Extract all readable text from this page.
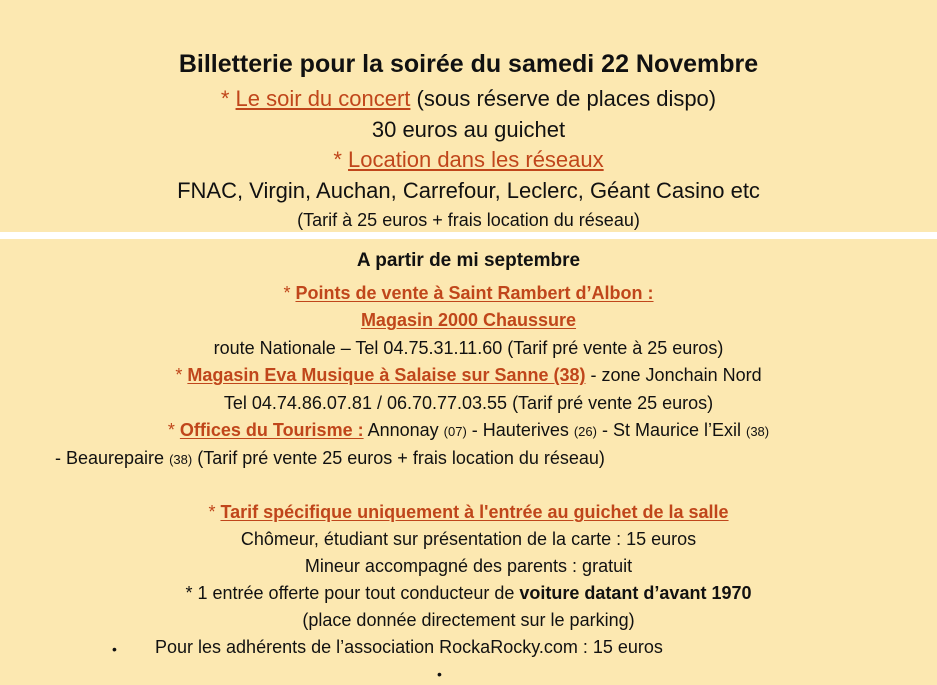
Billetterie pour la soirée du samedi 22 Novembre
* Le soir du concert (sous réserve de places dispo)
30 euros au guichet
* Location dans les réseaux
FNAC, Virgin, Auchan, Carrefour, Leclerc, Géant Casino etc
(Tarif à 25 euros + frais location du réseau)
A partir de mi septembre
* Points de vente à Saint Rambert d’Albon :
Magasin 2000 Chaussure
route Nationale – Tel 04.75.31.11.60 (Tarif pré vente à 25 euros)
* Magasin Eva Musique à Salaise sur Sanne (38) - zone Jonchain Nord
Tel 04.74.86.07.81 / 06.70.77.03.55 (Tarif pré vente 25 euros)
* Offices du Tourisme : Annonay (07) - Hauterives (26) - St Maurice l’Exil (38)
- Beaurepaire (38) (Tarif pré vente 25 euros + frais location du réseau)
* Tarif spécifique uniquement à l'entrée au guichet de la salle
Chômeur, étudiant sur présentation de la carte : 15 euros
Mineur accompagné des parents : gratuit
* 1 entrée offerte pour tout conducteur de voiture datant d’avant 1970
(place donnée directement sur le parking)
• Pour les adhérents de l’association RockaRocky.com : 15 euros
•
